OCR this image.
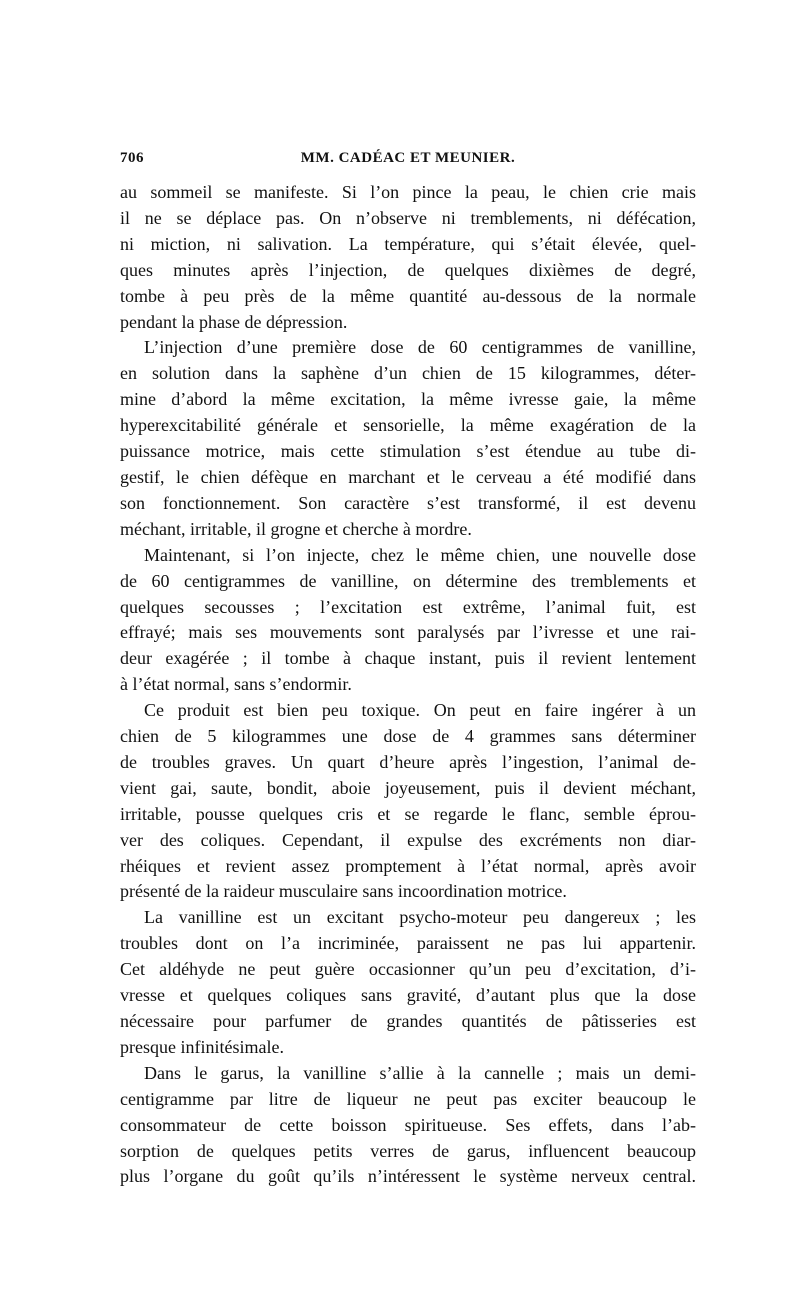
706	MM. CADÉAC ET MEUNIER.
au sommeil se manifeste. Si l’on pince la peau, le chien crie mais
il ne se déplace pas. On n’observe ni tremblements, ni défécation,
ni miction, ni salivation. La température, qui s’était élevée, quel-
ques minutes après l’injection, de quelques dixièmes de degré,
tombe à peu près de la même quantité au-dessous de la normale
pendant la phase de dépression.
L’injection d’une première dose de 60 centigrammes de vanilline,
en solution dans la saphène d’un chien de 15 kilogrammes, déter-
mine d’abord la même excitation, la même ivresse gaie, la même
hyperexcitabilité générale et sensorielle, la même exagération de la
puissance motrice, mais cette stimulation s’est étendue au tube di-
gestif, le chien défèque en marchant et le cerveau a été modifié dans
son fonctionnement. Son caractère s’est transformé, il est devenu
méchant, irritable, il grogne et cherche à mordre.
Maintenant, si l’on injecte, chez le même chien, une nouvelle dose
de 60 centigrammes de vanilline, on détermine des tremblements et
quelques secousses ; l’excitation est extrême, l’animal fuit, est
effrayé; mais ses mouvements sont paralysés par l’ivresse et une rai-
deur exagérée ; il tombe à chaque instant, puis il revient lentement
à l’état normal, sans s’endormir.
Ce produit est bien peu toxique. On peut en faire ingérer à un
chien de 5 kilogrammes une dose de 4 grammes sans déterminer
de troubles graves. Un quart d’heure après l’ingestion, l’animal de-
vient gai, saute, bondit, aboie joyeusement, puis il devient méchant,
irritable, pousse quelques cris et se regarde le flanc, semble éprou-
ver des coliques. Cependant, il expulse des excréments non diar-
rhéiques et revient assez promptement à l’état normal, après avoir
présenté de la raideur musculaire sans incoordination motrice.
La vanilline est un excitant psycho-moteur peu dangereux ; les
troubles dont on l’a incriminée, paraissent ne pas lui appartenir.
Cet aldéhyde ne peut guère occasionner qu’un peu d’excitation, d’i-
vresse et quelques coliques sans gravité, d’autant plus que la dose
nécessaire pour parfumer de grandes quantités de pâtisseries est
presque infinitésimale.
Dans le garus, la vanilline s’allie à la cannelle ; mais un demi-
centigramme par litre de liqueur ne peut pas exciter beaucoup le
consommateur de cette boisson spiritueuse. Ses effets, dans l’ab-
sorption de quelques petits verres de garus, influencent beaucoup
plus l’organe du goût qu’ils n’intéressent le système nerveux central.
